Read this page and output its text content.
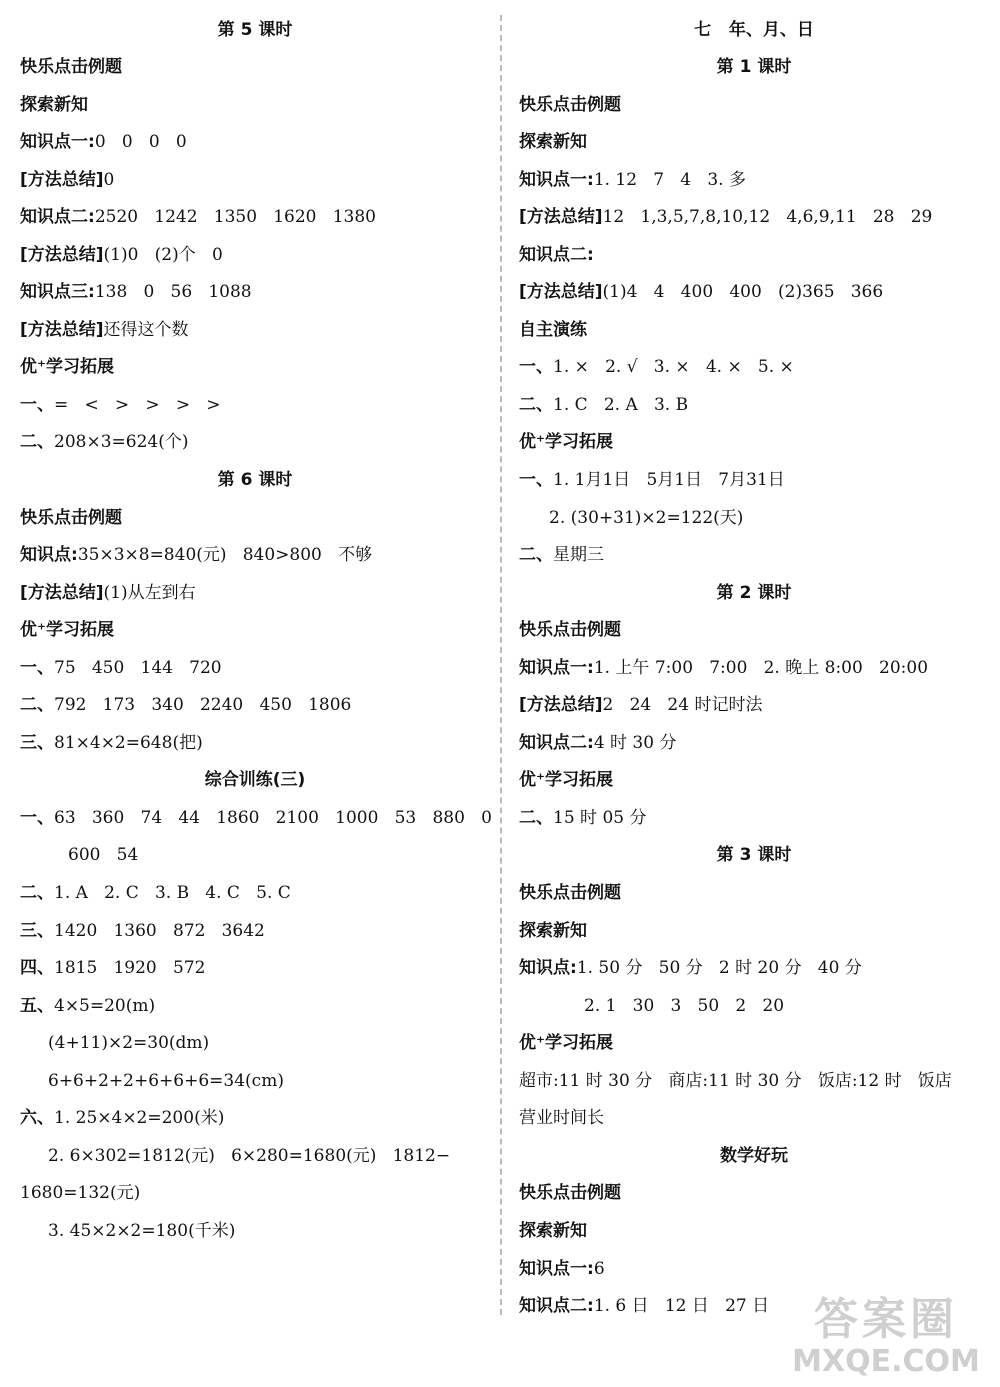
第 5 课时
快乐点击例题
探索新知
知识点一:0   0   0   0
[方法总结]0
知识点二:2520   1242   1350   1620   1380
[方法总结](1)0   (2)个   0
知识点三:138   0   56   1088
[方法总结]还得这个数
优⁺学习拓展
一、=   <   >   >   >   >
二、208×3=624(个)
第 6 课时
快乐点击例题
知识点:35×3×8=840(元)   840>800   不够
[方法总结](1)从左到右
优⁺学习拓展
一、75   450   144   720
二、792   173   340   2240   450   1806
三、81×4×2=648(把)
综合训练(三)
一、63   360   74   44   1860   2100   1000   53   880   0
600   54
二、1. A   2. C   3. B   4. C   5. C
三、1420   1360   872   3642
四、1815   1920   572
五、4×5=20(m)
(4+11)×2=30(dm)
6+6+2+2+6+6+6=34(cm)
六、1. 25×4×2=200(米)
2. 6×302=1812(元)   6×280=1680(元)   1812−
1680=132(元)
3. 45×2×2=180(千米)
七   年、月、日
第 1 课时
快乐点击例题
探索新知
知识点一:1. 12   7   4   3. 多
[方法总结]12   1,3,5,7,8,10,12   4,6,9,11   28   29
知识点二:
[方法总结](1)4   4   400   400   (2)365   366
自主演练
一、1. ×   2. √   3. ×   4. ×   5. ×
二、1. C   2. A   3. B
优⁺学习拓展
一、1. 1月1日   5月1日   7月31日
2. (30+31)×2=122(天)
二、星期三
第 2 课时
快乐点击例题
知识点一:1. 上午 7:00   7:00   2. 晚上 8:00   20:00
[方法总结]2   24   24 时记时法
知识点二:4 时 30 分
优⁺学习拓展
二、15 时 05 分
第 3 课时
快乐点击例题
探索新知
知识点:1. 50 分   50 分   2 时 20 分   40 分
2. 1   30   3   50   2   20
优⁺学习拓展
超市:11 时 30 分   商店:11 时 30 分   饭店:12 时   饭店
营业时间长
数学好玩
快乐点击例题
探索新知
知识点一:6
知识点二:1. 6 日   12 日   27 日	答案圈
MXQE.COM
